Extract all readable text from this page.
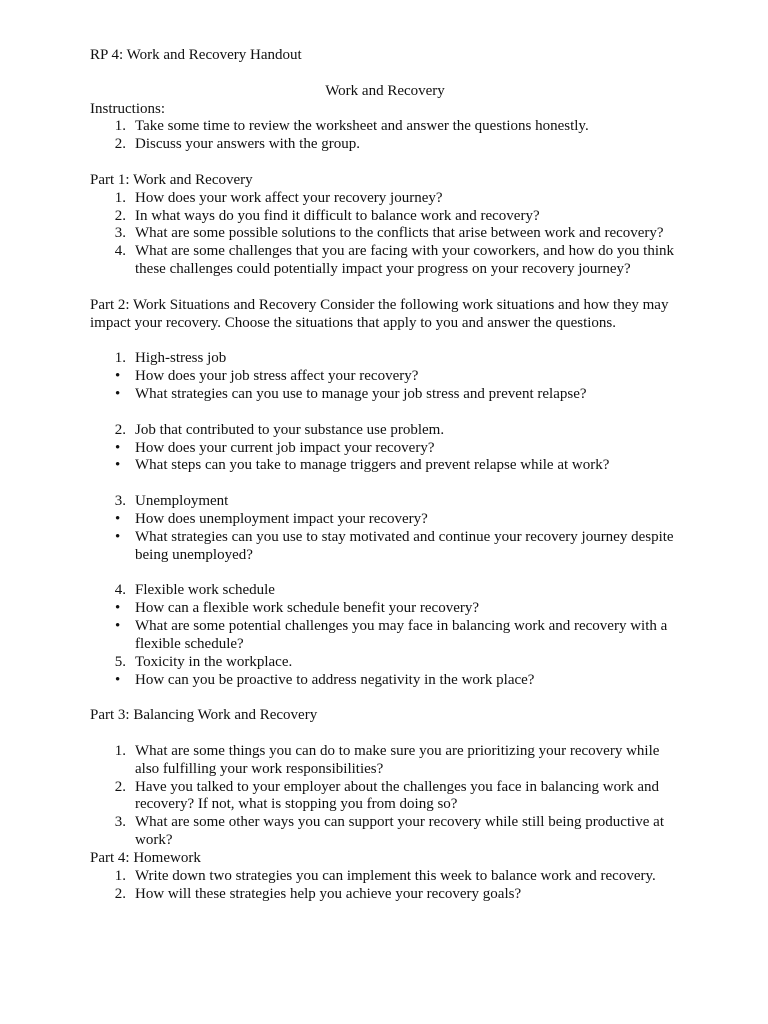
RP 4: Work and Recovery Handout
Work and Recovery
Instructions:
1. Take some time to review the worksheet and answer the questions honestly.
2. Discuss your answers with the group.
Part 1: Work and Recovery
1. How does your work affect your recovery journey?
2. In what ways do you find it difficult to balance work and recovery?
3. What are some possible solutions to the conflicts that arise between work and recovery?
4. What are some challenges that you are facing with your coworkers, and how do you think these challenges could potentially impact your progress on your recovery journey?
Part 2: Work Situations and Recovery Consider the following work situations and how they may impact your recovery. Choose the situations that apply to you and answer the questions.
1. High-stress job
• How does your job stress affect your recovery?
• What strategies can you use to manage your job stress and prevent relapse?
2. Job that contributed to your substance use problem.
• How does your current job impact your recovery?
• What steps can you take to manage triggers and prevent relapse while at work?
3. Unemployment
• How does unemployment impact your recovery?
• What strategies can you use to stay motivated and continue your recovery journey despite being unemployed?
4. Flexible work schedule
• How can a flexible work schedule benefit your recovery?
• What are some potential challenges you may face in balancing work and recovery with a flexible schedule?
5. Toxicity in the workplace.
• How can you be proactive to address negativity in the work place?
Part 3: Balancing Work and Recovery
1. What are some things you can do to make sure you are prioritizing your recovery while also fulfilling your work responsibilities?
2. Have you talked to your employer about the challenges you face in balancing work and recovery? If not, what is stopping you from doing so?
3. What are some other ways you can support your recovery while still being productive at work?
Part 4: Homework
1. Write down two strategies you can implement this week to balance work and recovery.
2. How will these strategies help you achieve your recovery goals?
